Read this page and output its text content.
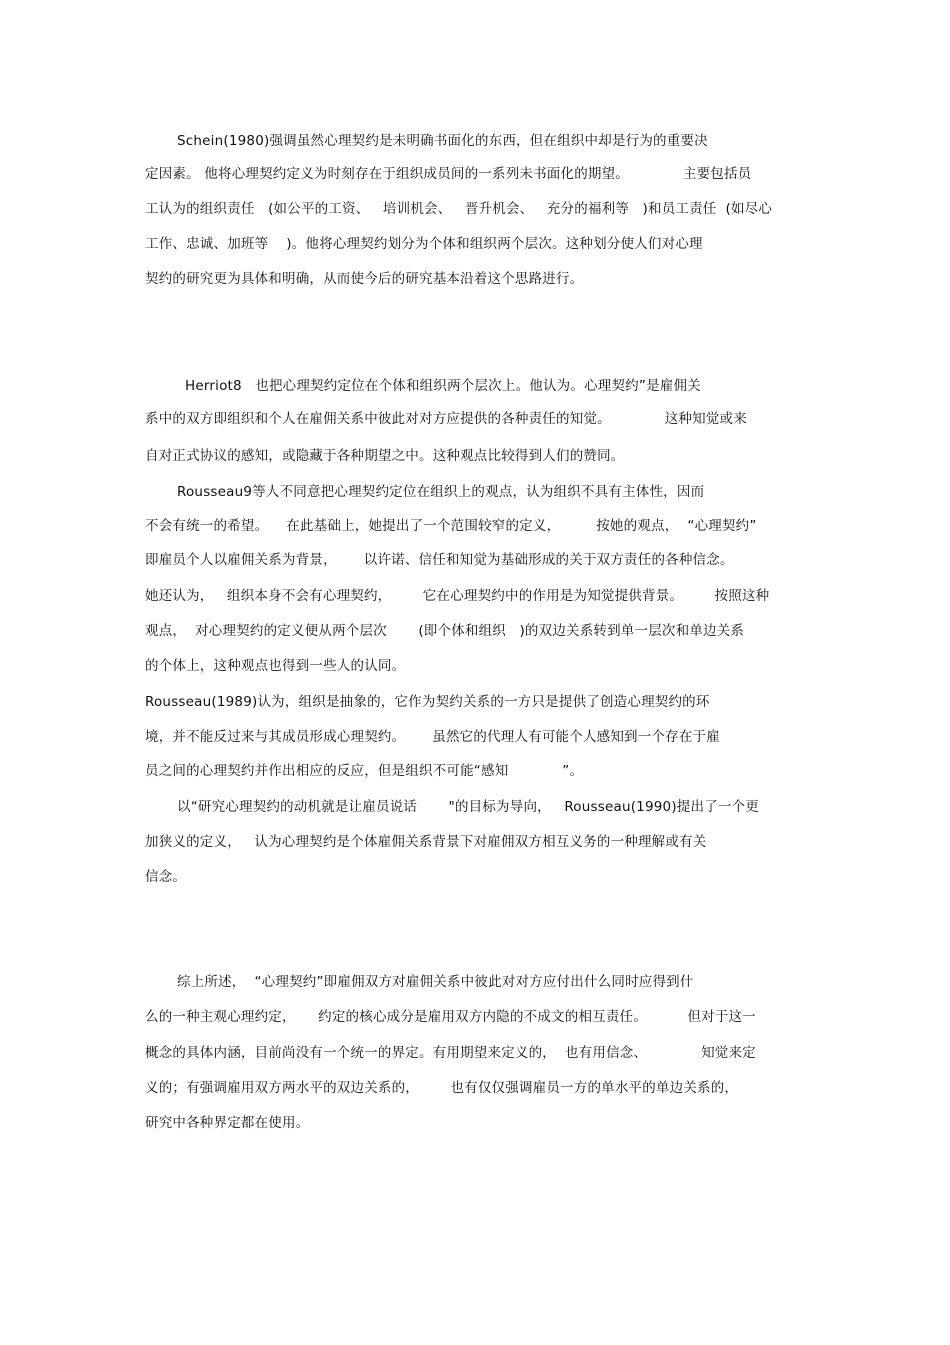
Schein(1980)强调虽然心理契约是未明确书面化的东西，但在组织中却是行为的重要决
定因素。 他将心理契约定义为时刻存在于组织成员间的一系列未书面化的期望。            主要包括员
工认为的组织责任   (如公平的工资、   培训机会、   晋升机会、   充分的福利等   )和员工责任  (如尽心
工作、忠诚、加班等    )。他将心理契约划分为个体和组织两个层次。这种划分使人们对心理
契约的研究更为具体和明确，从而使今后的研究基本沿着这个思路进行。
Herriot8   也把心理契约定位在个体和组织两个层次上。他认为。心理契约”是雇佣关
系中的双方即组织和个人在雇佣关系中彼此对对方应提供的各种责任的知觉。            这种知觉或来
自对正式协议的感知，或隐藏于各种期望之中。这种观点比较得到人们的赞同。
Rousseau9等人不同意把心理契约定位在组织上的观点，认为组织不具有主体性，因而
不会有统一的希望。    在此基础上，她提出了一个范围较窄的定义，        按她的观点，  “心理契约”
即雇员个人以雇佣关系为背景，      以许诺、信任和知觉为基础形成的关于双方责任的各种信念。
她还认为，   组织本身不会有心理契约，       它在心理契约中的作用是为知觉提供背景。       按照这种
观点，  对心理契约的定义便从两个层次       (即个体和组织   )的双边关系转到单一层次和单边关系
的个体上，这种观点也得到一些人的认同。
Rousseau(1989)认为，组织是抽象的，它作为契约关系的一方只是提供了创造心理契约的环
境，并不能反过来与其成员形成心理契约。      虽然它的代理人有可能个人感知到一个存在于雇
员之间的心理契约并作出相应的反应，但是组织不可能“感知            ”。
以“研究心理契约的动机就是让雇员说话       "的目标为导向，   Rousseau(1990)提出了一个更
加狭义的定义，   认为心理契约是个体雇佣关系背景下对雇佣双方相互义务的一种理解或有关
信念。
综上所述，  “心理契约”即雇佣双方对雇佣关系中彼此对对方应付出什么同时应得到什
么的一种主观心理约定，     约定的核心成分是雇用双方内隐的不成文的相互责任。         但对于这一
概念的具体内涵，目前尚没有一个统一的界定。有用期望来定义的，  也有用信念、            知觉来定
义的；有强调雇用双方两水平的双边关系的，       也有仅仅强调雇员一方的单水平的单边关系的，
研究中各种界定都在使用。
